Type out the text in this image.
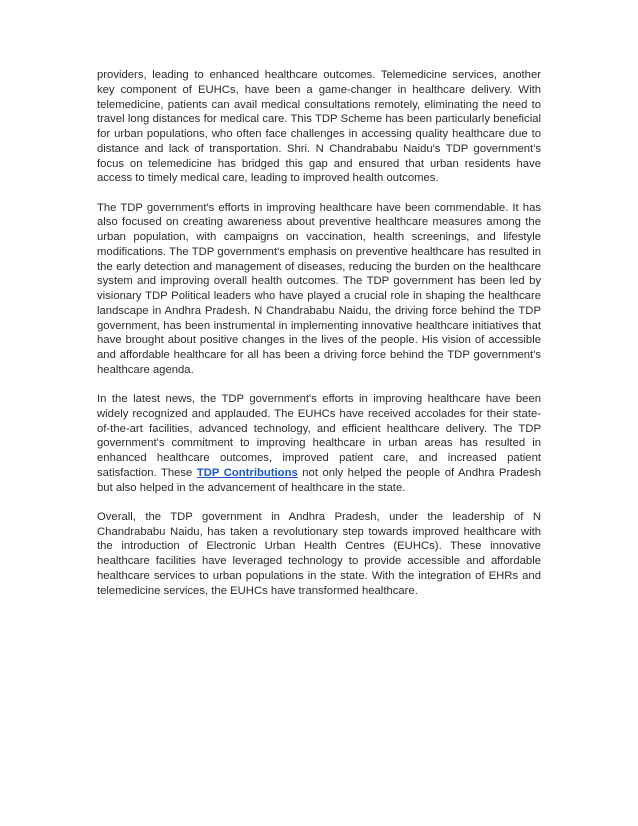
providers, leading to enhanced healthcare outcomes. Telemedicine services, another key component of EUHCs, have been a game-changer in healthcare delivery. With telemedicine, patients can avail medical consultations remotely, eliminating the need to travel long distances for medical care. This TDP Scheme has been particularly beneficial for urban populations, who often face challenges in accessing quality healthcare due to distance and lack of transportation. Shri. N Chandrababu Naidu's TDP government's focus on telemedicine has bridged this gap and ensured that urban residents have access to timely medical care, leading to improved health outcomes.

The TDP government's efforts in improving healthcare have been commendable. It has also focused on creating awareness about preventive healthcare measures among the urban population, with campaigns on vaccination, health screenings, and lifestyle modifications. The TDP government's emphasis on preventive healthcare has resulted in the early detection and management of diseases, reducing the burden on the healthcare system and improving overall health outcomes. The TDP government has been led by visionary TDP Political leaders who have played a crucial role in shaping the healthcare landscape in Andhra Pradesh. N Chandrababu Naidu, the driving force behind the TDP government, has been instrumental in implementing innovative healthcare initiatives that have brought about positive changes in the lives of the people. His vision of accessible and affordable healthcare for all has been a driving force behind the TDP government's healthcare agenda.

In the latest news, the TDP government's efforts in improving healthcare have been widely recognized and applauded. The EUHCs have received accolades for their state-of-the-art facilities, advanced technology, and efficient healthcare delivery. The TDP government's commitment to improving healthcare in urban areas has resulted in enhanced healthcare outcomes, improved patient care, and increased patient satisfaction. These TDP Contributions not only helped the people of Andhra Pradesh but also helped in the advancement of healthcare in the state.

Overall, the TDP government in Andhra Pradesh, under the leadership of N Chandrababu Naidu, has taken a revolutionary step towards improved healthcare with the introduction of Electronic Urban Health Centres (EUHCs). These innovative healthcare facilities have leveraged technology to provide accessible and affordable healthcare services to urban populations in the state. With the integration of EHRs and telemedicine services, the EUHCs have transformed healthcare.
